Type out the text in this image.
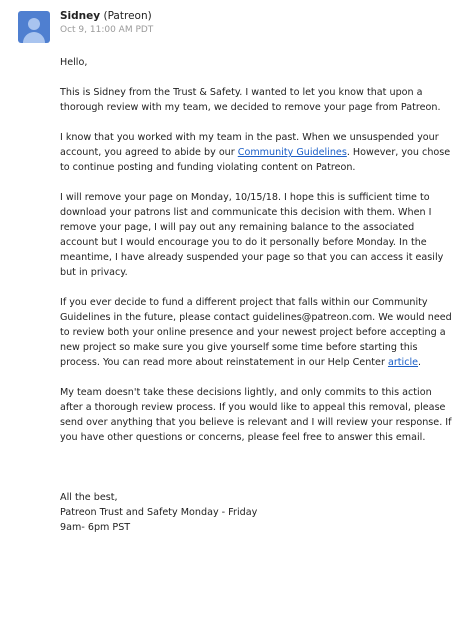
Sidney (Patreon)
Oct 9, 11:00 AM PDT

Hello,

This is Sidney from the Trust & Safety. I wanted to let you know that upon a thorough review with my team, we decided to remove your page from Patreon.

I know that you worked with my team in the past. When we unsuspended your account, you agreed to abide by our Community Guidelines. However, you chose to continue posting and funding violating content on Patreon.

I will remove your page on Monday, 10/15/18. I hope this is sufficient time to download your patrons list and communicate this decision with them. When I remove your page, I will pay out any remaining balance to the associated account but I would encourage you to do it personally before Monday. In the meantime, I have already suspended your page so that you can access it easily but in privacy.

If you ever decide to fund a different project that falls within our Community Guidelines in the future, please contact guidelines@patreon.com. We would need to review both your online presence and your newest project before accepting a new project so make sure you give yourself some time before starting this process. You can read more about reinstatement in our Help Center article.

My team doesn't take these decisions lightly, and only commits to this action after a thorough review process. If you would like to appeal this removal, please send over anything that you believe is relevant and I will review your response. If you have other questions or concerns, please feel free to answer this email.

All the best,
Patreon Trust and Safety Monday - Friday
9am- 6pm PST
